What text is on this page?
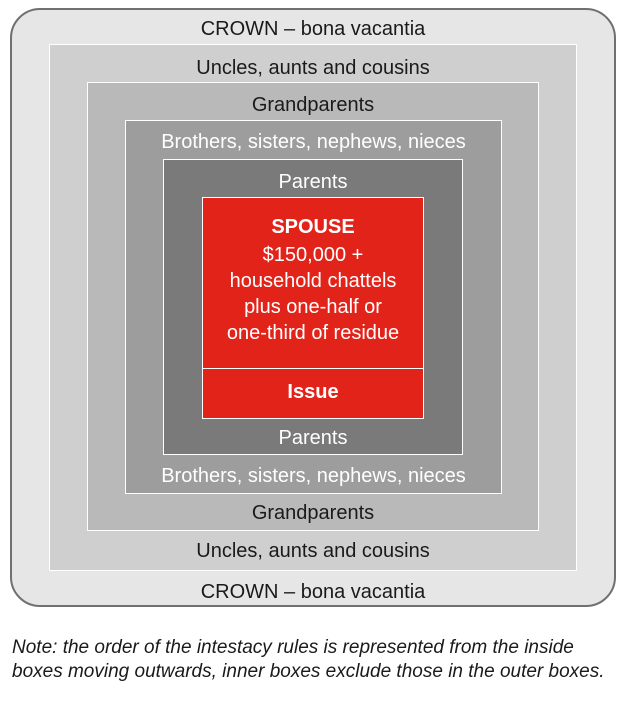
CROWN – bona vacantia
CROWN – bona vacantia
Uncles, aunts and cousins
Uncles, aunts and cousins
Grandparents
Grandparents
Brothers, sisters, nephews, nieces
Brothers, sisters, nephews, nieces
Parents
Parents
SPOUSE
$150,000 +
household chattels
plus one-half or
one-third of residue
Issue
Note: the order of the intestacy rules is represented from the inside boxes moving outwards, inner boxes exclude those in the outer boxes.
